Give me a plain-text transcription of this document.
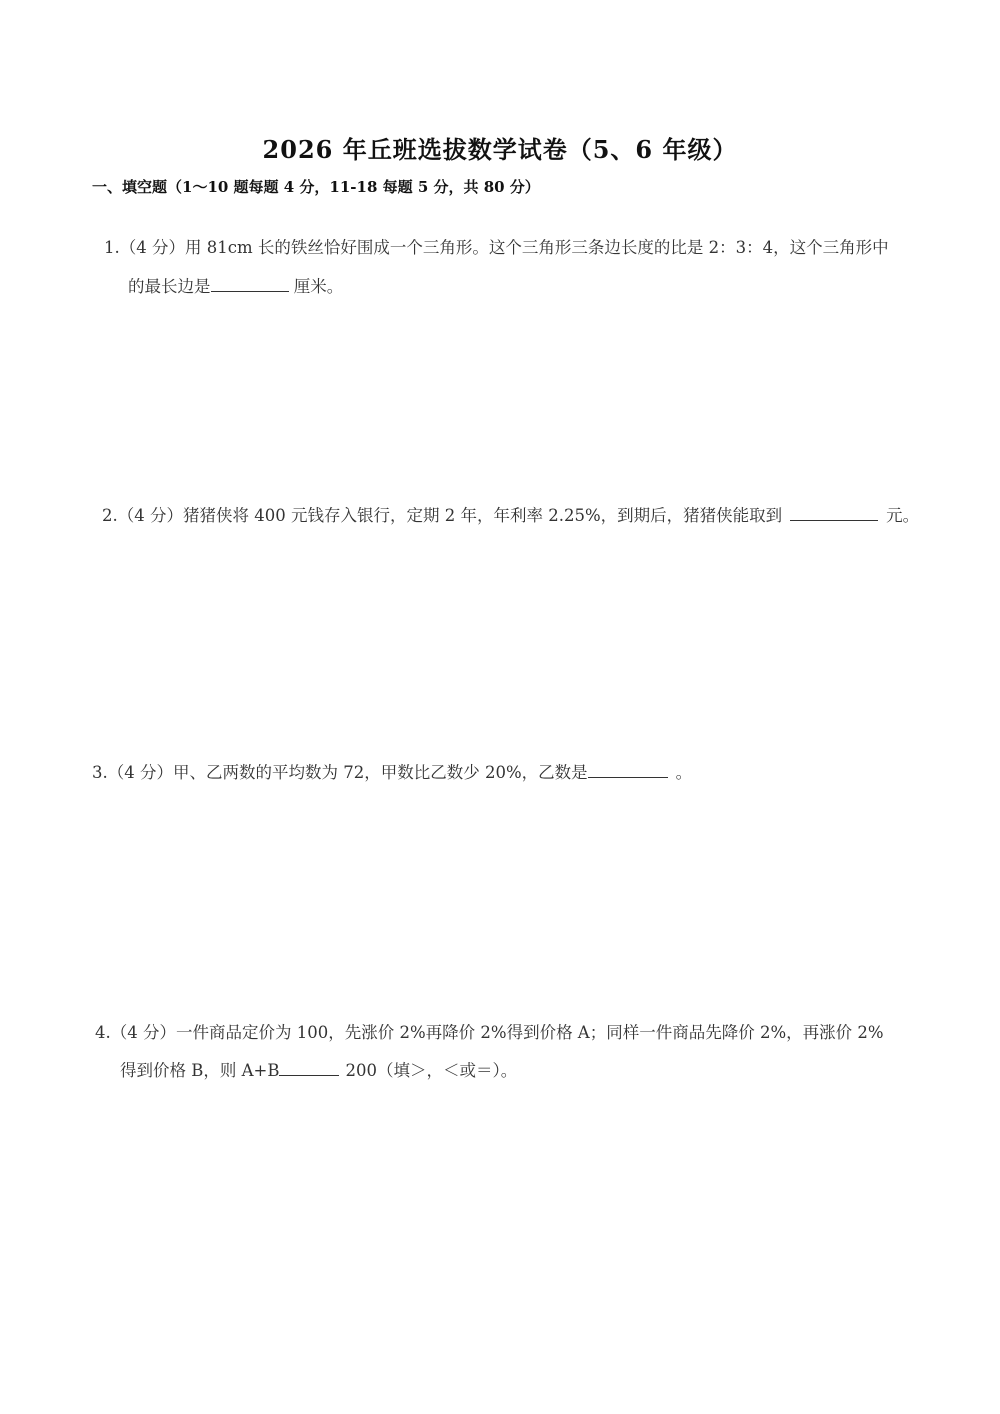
2026 年丘班选拔数学试卷（5、6 年级）
一、填空题（1～10 题每题 4 分，11-18 每题 5 分，共 80 分）
1.（4 分）用 81cm 长的铁丝恰好围成一个三角形。这个三角形三条边长度的比是 2：3：4，这个三角形中
的最长边是	厘米。
2.（4 分）猪猪侠将 400 元钱存入银行，定期 2 年，年利率 2.25%，到期后，猪猪侠能取到	元。
3.（4 分）甲、乙两数的平均数为 72，甲数比乙数少 20%，乙数是	。
4.（4 分）一件商品定价为 100，先涨价 2%再降价 2%得到价格 A；同样一件商品先降价 2%，再涨价 2%
得到价格 B，则 A+B	200（填＞，＜或＝）。
